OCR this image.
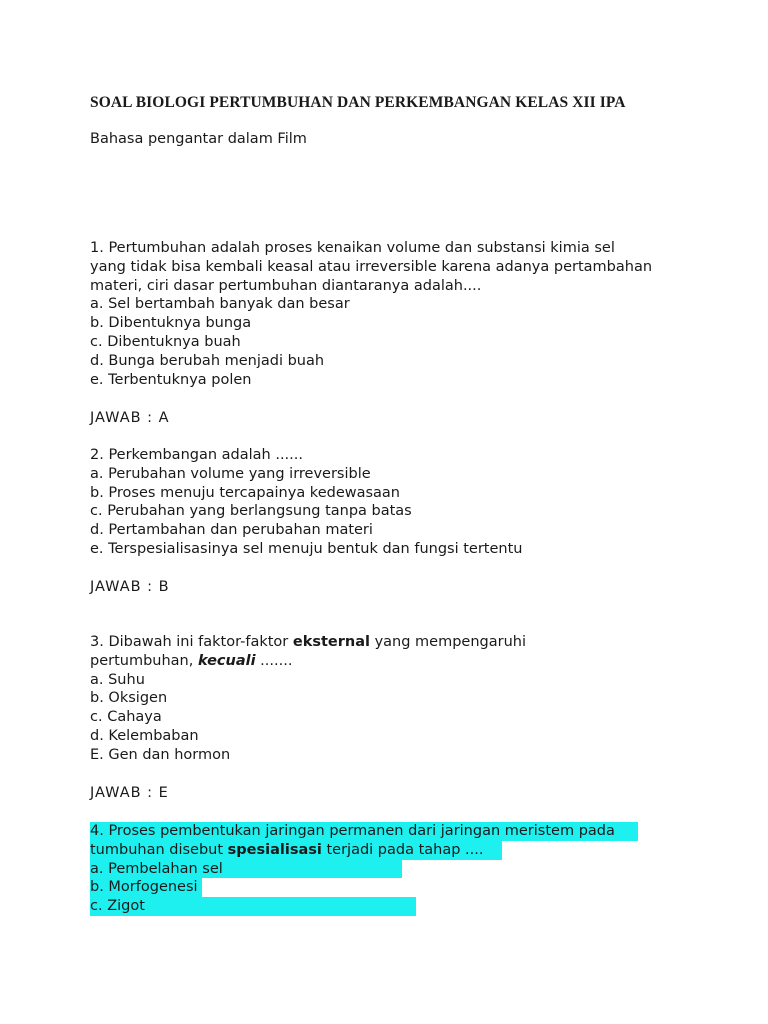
SOAL BIOLOGI PERTUMBUHAN DAN PERKEMBANGAN KELAS XII IPA
Bahasa pengantar dalam Film
1. Pertumbuhan adalah proses kenaikan volume dan substansi kimia sel
yang tidak bisa kembali keasal atau irreversible karena adanya pertambahan
materi, ciri dasar pertumbuhan diantaranya adalah....
a. Sel bertambah banyak dan besar
b. Dibentuknya bunga
c. Dibentuknya buah
d. Bunga berubah menjadi buah
e. Terbentuknya polen
JAWAB : A
2. Perkembangan adalah ......
a. Perubahan volume yang irreversible
b. Proses menuju tercapainya kedewasaan
c. Perubahan yang berlangsung tanpa batas
d. Pertambahan dan perubahan materi
e. Terspesialisasinya sel menuju bentuk dan fungsi tertentu
JAWAB : B
3. Dibawah ini faktor-faktor eksternal yang mempengaruhi
pertumbuhan, kecuali .......
a. Suhu
b. Oksigen
c. Cahaya
d. Kelembaban
E. Gen dan hormon
JAWAB : E
4. Proses pembentukan jaringan permanen dari jaringan meristem pada
tumbuhan disebut spesialisasi terjadi pada tahap ....
a. Pembelahan sel
b. Morfogenesi
c. Zigot
